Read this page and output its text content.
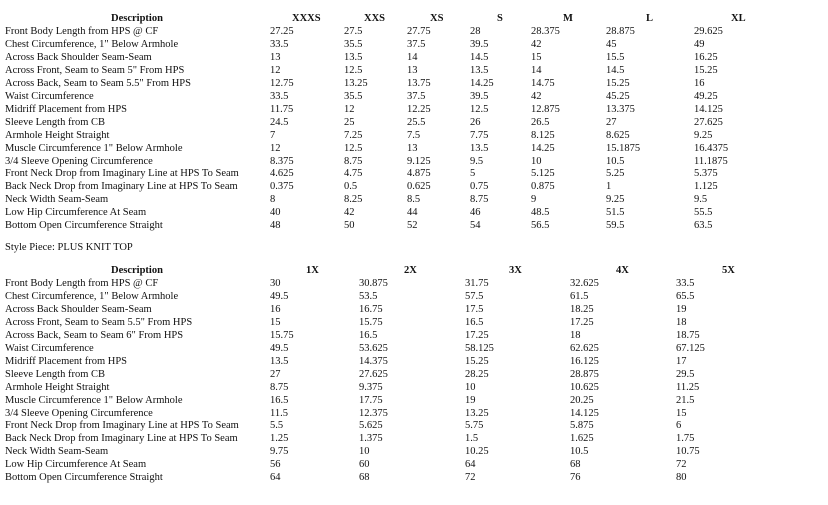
Description	XXXS	XXS	XS	S	M	L	XL
Front Body Length from HPS @ CF	27.25	27.5	27.75	28	28.375	28.875	29.625
Chest Circumference, 1" Below Armhole	33.5	35.5	37.5	39.5	42	45	49
Across Back Shoulder Seam-Seam	13	13.5	14	14.5	15	15.5	16.25
Across Front, Seam to Seam 5" From HPS	12	12.5	13	13.5	14	14.5	15.25
Across Back, Seam to Seam 5.5" From HPS	12.75	13.25	13.75	14.25	14.75	15.25	16
Waist Circumference	33.5	35.5	37.5	39.5	42	45.25	49.25
Midriff Placement from HPS	11.75	12	12.25	12.5	12.875	13.375	14.125
Sleeve Length from CB	24.5	25	25.5	26	26.5	27	27.625
Armhole Height Straight	7	7.25	7.5	7.75	8.125	8.625	9.25
Muscle Circumference 1" Below Armhole	12	12.5	13	13.5	14.25	15.1875	16.4375
3/4 Sleeve Opening Circumference	8.375	8.75	9.125	9.5	10	10.5	11.1875
Front Neck Drop from Imaginary Line at HPS To Seam	4.625	4.75	4.875	5	5.125	5.25	5.375
Back Neck Drop from Imaginary Line at HPS To Seam	0.375	0.5	0.625	0.75	0.875	1	1.125
Neck Width Seam-Seam	8	8.25	8.5	8.75	9	9.25	9.5
Low Hip Circumference At Seam	40	42	44	46	48.5	51.5	55.5
Bottom Open Circumference Straight	48	50	52	54	56.5	59.5	63.5
Style Piece: PLUS KNIT TOP
Description	1X	2X	3X	4X	5X
Front Body Length from HPS @ CF	30	30.875	31.75	32.625	33.5
Chest Circumference, 1" Below Armhole	49.5	53.5	57.5	61.5	65.5
Across Back Shoulder Seam-Seam	16	16.75	17.5	18.25	19
Across Front, Seam to Seam 5.5" From HPS	15	15.75	16.5	17.25	18
Across Back, Seam to Seam 6" From HPS	15.75	16.5	17.25	18	18.75
Waist Circumference	49.5	53.625	58.125	62.625	67.125
Midriff Placement from HPS	13.5	14.375	15.25	16.125	17
Sleeve Length from CB	27	27.625	28.25	28.875	29.5
Armhole Height Straight	8.75	9.375	10	10.625	11.25
Muscle Circumference 1" Below Armhole	16.5	17.75	19	20.25	21.5
3/4 Sleeve Opening Circumference	11.5	12.375	13.25	14.125	15
Front Neck Drop from Imaginary Line at HPS To Seam	5.5	5.625	5.75	5.875	6
Back Neck Drop from Imaginary Line at HPS To Seam	1.25	1.375	1.5	1.625	1.75
Neck Width Seam-Seam	9.75	10	10.25	10.5	10.75
Low Hip Circumference At Seam	56	60	64	68	72
Bottom Open Circumference Straight	64	68	72	76	80
